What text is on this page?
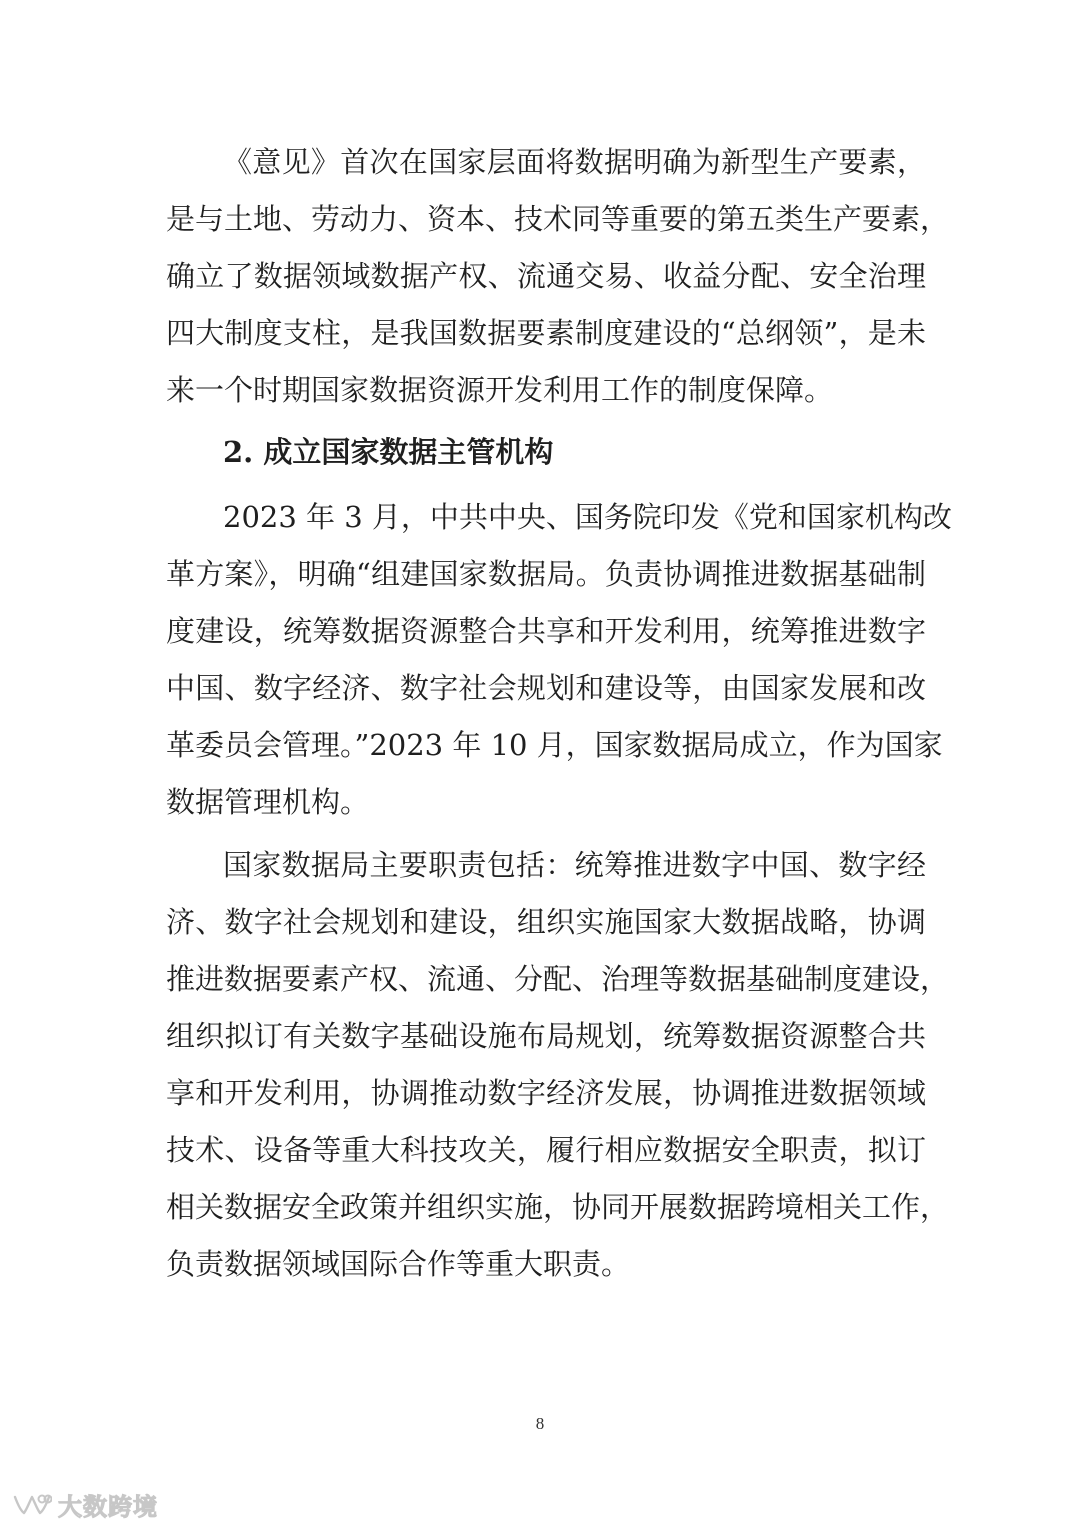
《意见》首次在国家层面将数据明确为新型生产要素，
是与土地、劳动力、资本、技术同等重要的第五类生产要素，
确立了数据领域数据产权、流通交易、收益分配、安全治理
四大制度支柱，是我国数据要素制度建设的“总纲领”，是未
来一个时期国家数据资源开发利用工作的制度保障。
2. 成立国家数据主管机构
2023 年 3 月，中共中央、国务院印发《党和国家机构改
革方案》，明确“组建国家数据局。负责协调推进数据基础制
度建设，统筹数据资源整合共享和开发利用，统筹推进数字
中国、数字经济、数字社会规划和建设等，由国家发展和改
革委员会管理。”2023 年 10 月，国家数据局成立，作为国家
数据管理机构。
国家数据局主要职责包括：统筹推进数字中国、数字经
济、数字社会规划和建设，组织实施国家大数据战略，协调
推进数据要素产权、流通、分配、治理等数据基础制度建设，
组织拟订有关数字基础设施布局规划，统筹数据资源整合共
享和开发利用，协调推动数字经济发展，协调推进数据领域
技术、设备等重大科技攻关，履行相应数据安全职责，拟订
相关数据安全政策并组织实施，协同开展数据跨境相关工作，
负责数据领域国际合作等重大职责。
8
大数跨境
